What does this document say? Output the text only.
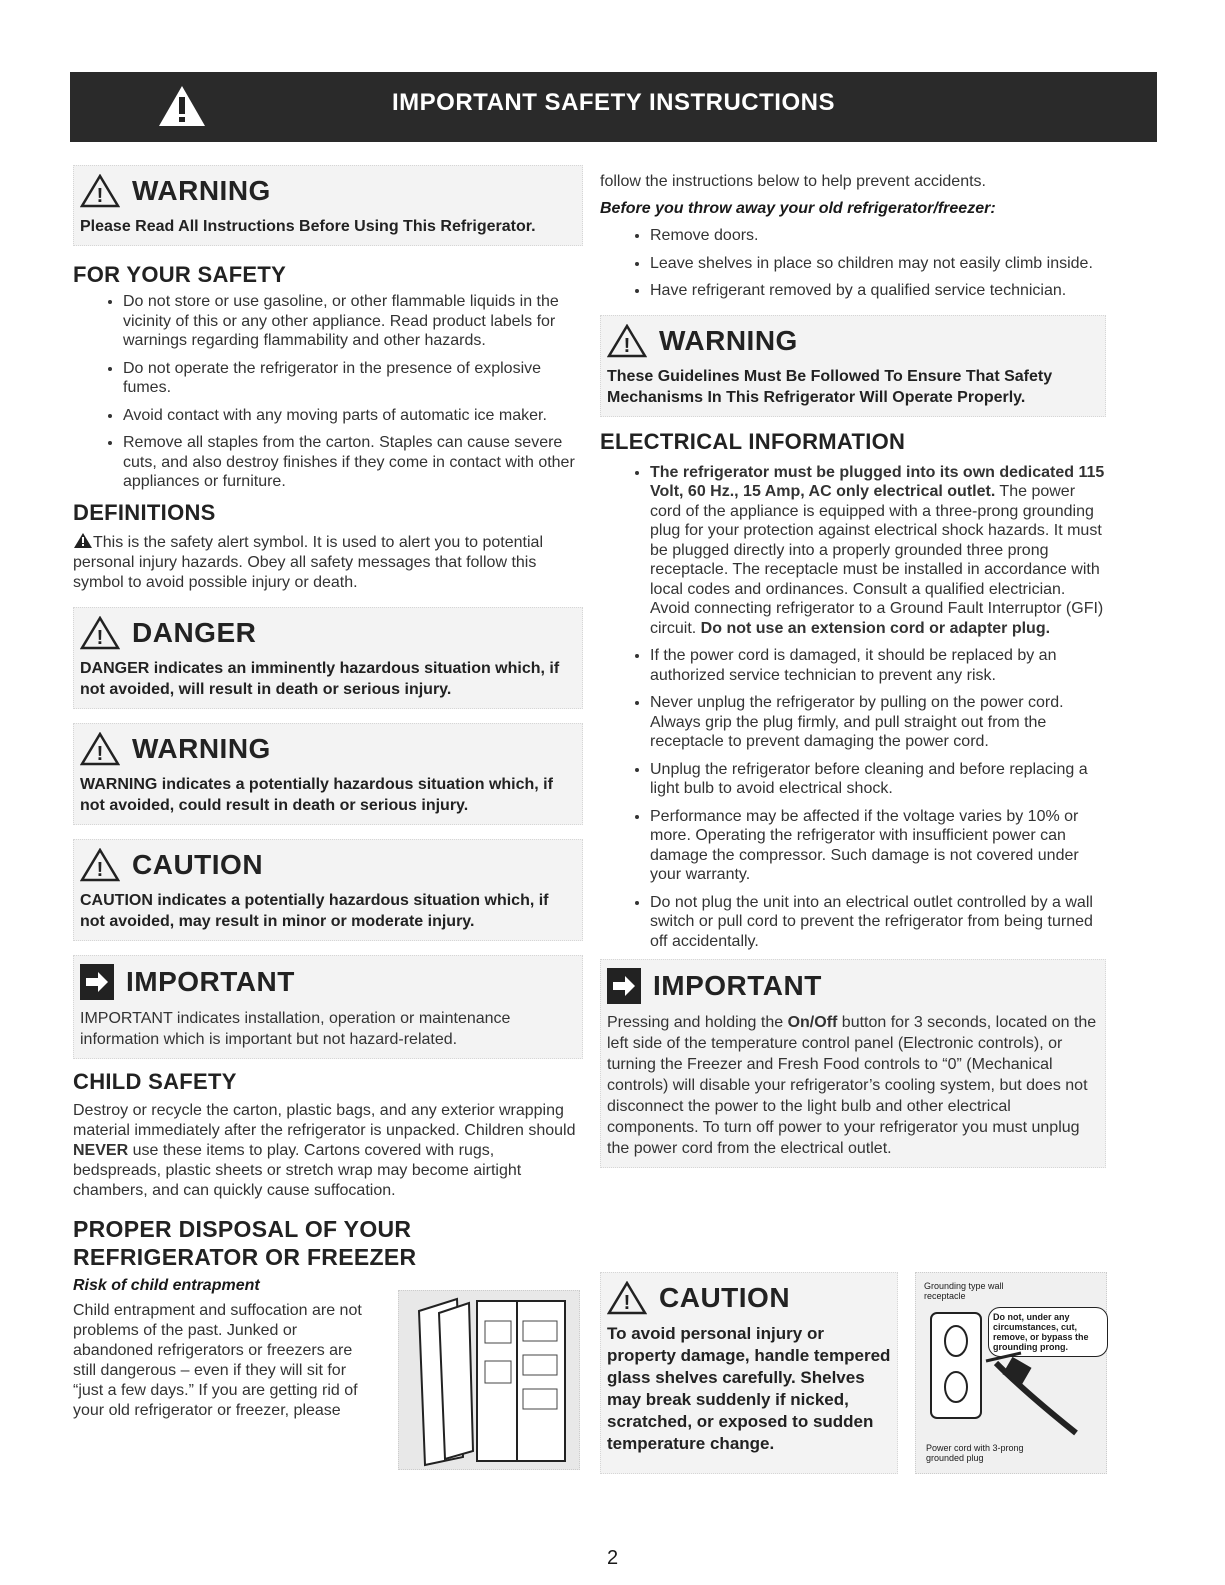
IMPORTANT SAFETY INSTRUCTIONS
! WARNING
Please Read All Instructions Before Using This Refrigerator.
FOR YOUR SAFETY
• Do not store or use gasoline, or other flammable liquids in the vicinity of this or any other appliance. Read product labels for warnings regarding flammability and other hazards.
• Do not operate the refrigerator in the presence of explosive fumes.
• Avoid contact with any moving parts of automatic ice maker.
• Remove all staples from the carton. Staples can cause severe cuts, and also destroy finishes if they come in contact with other appliances or furniture.
DEFINITIONS

This is the safety alert symbol. It is used to alert you to potential personal injury hazards. Obey all safety messages that follow this symbol to avoid possible injury or death.

! DANGER
DANGER indicates an imminently hazardous situation which, if not avoided, will result in death or serious injury.
! WARNING
WARNING indicates a potentially hazardous situation which, if not avoided, could result in death or serious injury.
! CAUTION
CAUTION indicates a potentially hazardous situation which, if not avoided, may result in minor or moderate injury.
IMPORTANT
IMPORTANT indicates installation, operation or maintenance information which is important but not hazard-related.
CHILD SAFETY

Destroy or recycle the carton, plastic bags, and any exterior wrapping material immediately after the refrigerator is unpacked. Children should NEVER use these items to play. Cartons covered with rugs, bedspreads, plastic sheets or stretch wrap may become airtight chambers, and can quickly cause suffocation.

PROPER DISPOSAL OF YOUR REFRIGERATOR OR FREEZER
Risk of child entrapment

Child entrapment and suffocation are not problems of the past. Junked or abandoned refrigerators or freezers are still dangerous – even if they will sit for “just a few days.” If you are getting rid of your old refrigerator or freezer, please

follow the instructions below to help prevent accidents.

Before you throw away your old refrigerator/freezer:
• Remove doors.
• Leave shelves in place so children may not easily climb inside.
• Have refrigerant removed by a qualified service technician.
! WARNING
These Guidelines Must Be Followed To Ensure That Safety Mechanisms In This Refrigerator Will Operate Properly.
ELECTRICAL INFORMATION
• The refrigerator must be plugged into its own dedicated 115 Volt, 60 Hz., 15 Amp, AC only electrical outlet. The power cord of the appliance is equipped with a three-prong grounding plug for your protection against electrical shock hazards. It must be plugged directly into a properly grounded three prong receptacle. The receptacle must be installed in accordance with local codes and ordinances. Consult a qualified electrician. Avoid connecting refrigerator to a Ground Fault Interruptor (GFI) circuit. Do not use an extension cord or adapter plug.
• If the power cord is damaged, it should be replaced by an authorized service technician to prevent any risk.
• Never unplug the refrigerator by pulling on the power cord. Always grip the plug firmly, and pull straight out from the receptacle to prevent damaging the power cord.
• Unplug the refrigerator before cleaning and before replacing a light bulb to avoid electrical shock.
• Performance may be affected if the voltage varies by 10% or more. Operating the refrigerator with insufficient power can damage the compressor. Such damage is not covered under your warranty.
• Do not plug the unit into an electrical outlet controlled by a wall switch or pull cord to prevent the refrigerator from being turned off accidentally.
IMPORTANT
Pressing and holding the On/Off button for 3 seconds, located on the left side of the temperature control panel (Electronic controls), or turning the Freezer and Fresh Food controls to “0” (Mechanical controls) will disable your refrigerator’s cooling system, but does not disconnect the power to the light bulb and other electrical components. To turn off power to your refrigerator you must unplug the power cord from the electrical outlet.
! CAUTION
To avoid personal injury or property damage, handle tempered glass shelves carefully. Shelves may break suddenly if nicked, scratched, or exposed to sudden temperature change.
Grounding type wall receptacle
Do not, under any circumstances, cut, remove, or bypass the grounding prong.
Power cord with 3-prong grounded plug
2
